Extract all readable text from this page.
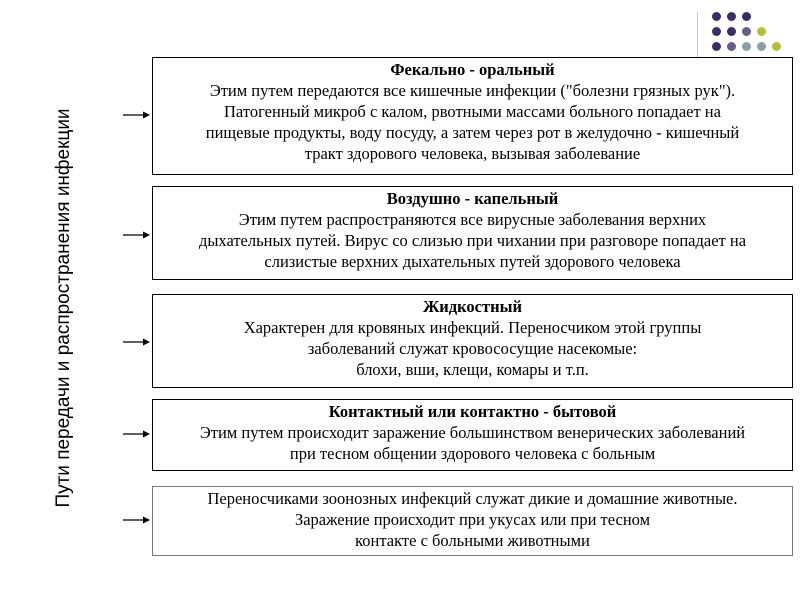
Пути передачи и распространения инфекции
Фекально - оральный
Этим путем передаются все кишечные инфекции ("болезни грязных рук").
Патогенный микроб с калом, рвотными массами больного попадает на
пищевые продукты, воду посуду, а затем через рот в желудочно - кишечный
тракт здорового человека, вызывая заболевание
Воздушно - капельный
Этим путем распространяются все вирусные заболевания верхних
дыхательных путей. Вирус со слизью при чихании при разговоре попадает на
слизистые верхних дыхательных путей здорового человека
Жидкостный
Характерен для кровяных инфекций. Переносчиком этой группы
заболеваний служат кровососущие насекомые:
блохи, вши, клещи, комары и т.п.
Контактный или контактно - бытовой
Этим путем происходит заражение большинством венерических заболеваний
при тесном общении здорового человека с больным
Переносчиками зоонозных инфекций служат дикие и домашние животные.
Заражение происходит при укусах или при тесном
контакте с больными животными
